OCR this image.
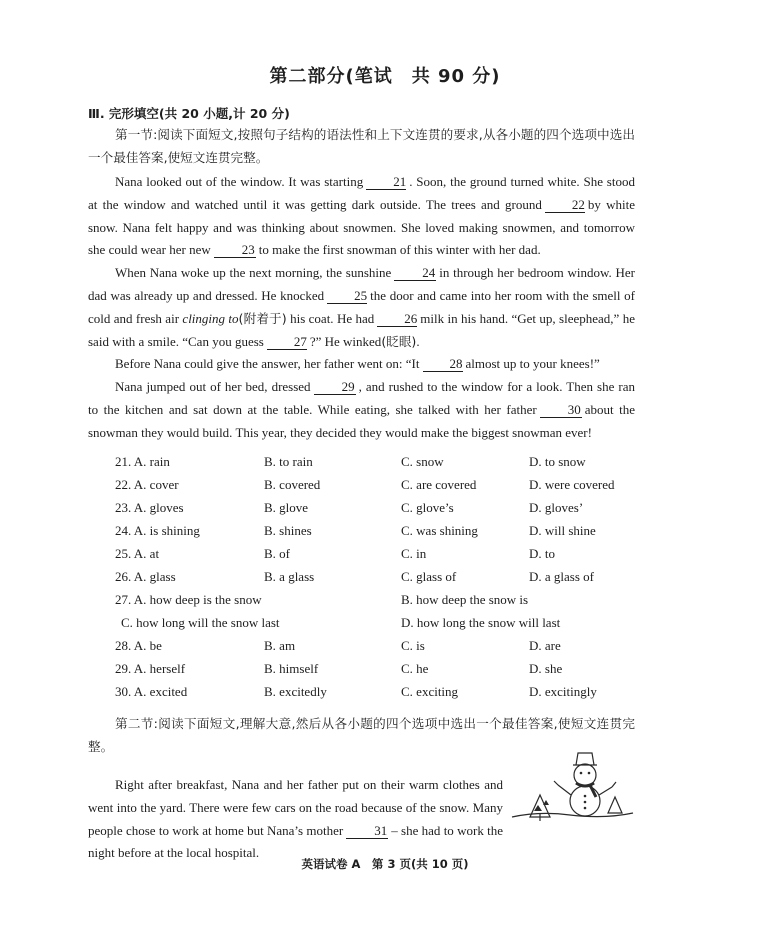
第二部分(笔试　共 90 分)
Ⅲ. 完形填空(共 20 小题,计 20 分)

第一节:阅读下面短文,按照句子结构的语法性和上下文连贯的要求,从各小题的四个选项中选出一个最佳答案,使短文连贯完整。

Nana looked out of the window. It was starting 21 . Soon, the ground turned white. She stood at the window and watched until it was getting dark outside. The trees and ground 22 by white snow. Nana felt happy and was thinking about snowmen. She loved making snowmen, and tomorrow she could wear her new 23 to make the first snowman of this winter with her dad.

When Nana woke up the next morning, the sunshine 24 in through her bedroom window. Her dad was already up and dressed. He knocked 25 the door and came into her room with the smell of cold and fresh air clinging to(附着于) his coat. He had 26 milk in his hand. “Get up, sleephead,” he said with a smile. “Can you guess 27 ?” He winked(眨眼).

Before Nana could give the answer, her father went on: “It 28 almost up to your knees!”

Nana jumped out of her bed, dressed 29 , and rushed to the window for a look. Then she ran to the kitchen and sat down at the table. While eating, she talked with her father 30 about the snowman they would build. This year, they decided they would make the biggest snowman ever!

21. A. rain	B. to rain	C. snow	D. to snow
22. A. cover	B. covered	C. are covered	D. were covered
23. A. gloves	B. glove	C. glove’s	D. gloves’
24. A. is shining	B. shines	C. was shining	D. will shine
25. A. at	B. of	C. in	D. to
26. A. glass	B. a glass	C. glass of	D. a glass of
27. A. how deep is the snow	B. how deep the snow is
C. how long will the snow last	D. how long the snow will last
28. A. be	B. am	C. is	D. are
29. A. herself	B. himself	C. he	D. she
30. A. excited	B. excitedly	C. exciting	D. excitingly

第二节:阅读下面短文,理解大意,然后从各小题的四个选项中选出一个最佳答案,使短文连贯完整。

Right after breakfast, Nana and her father put on their warm clothes and went into the yard. There were few cars on the road because of the snow. Many people chose to work at home but Nana’s mother 31 – she had to work the night before at the local hospital.

英语试卷 A　第 3 页(共 10 页)
